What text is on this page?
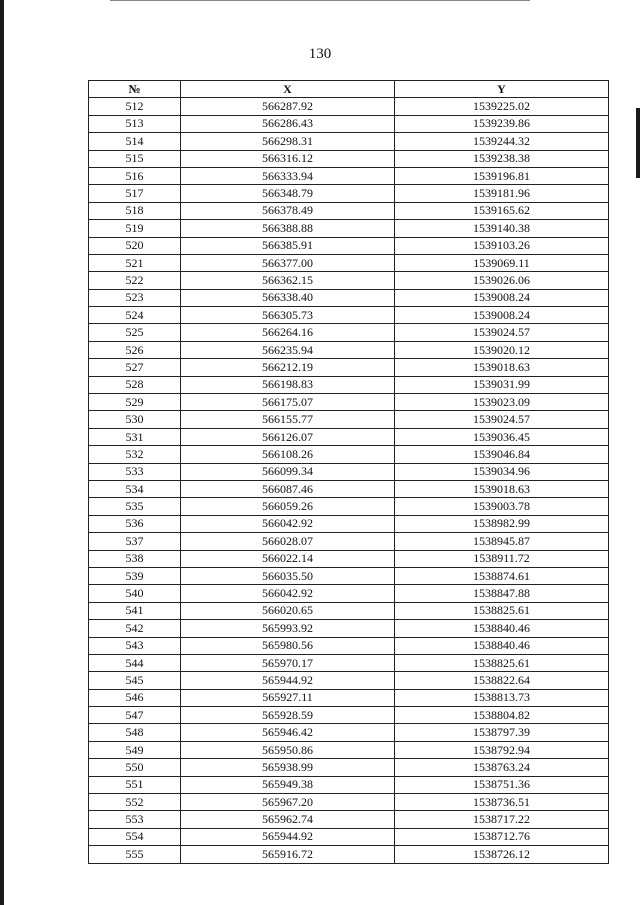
130
№	X	Y
512	566287.92	1539225.02
513	566286.43	1539239.86
514	566298.31	1539244.32
515	566316.12	1539238.38
516	566333.94	1539196.81
517	566348.79	1539181.96
518	566378.49	1539165.62
519	566388.88	1539140.38
520	566385.91	1539103.26
521	566377.00	1539069.11
522	566362.15	1539026.06
523	566338.40	1539008.24
524	566305.73	1539008.24
525	566264.16	1539024.57
526	566235.94	1539020.12
527	566212.19	1539018.63
528	566198.83	1539031.99
529	566175.07	1539023.09
530	566155.77	1539024.57
531	566126.07	1539036.45
532	566108.26	1539046.84
533	566099.34	1539034.96
534	566087.46	1539018.63
535	566059.26	1539003.78
536	566042.92	1538982.99
537	566028.07	1538945.87
538	566022.14	1538911.72
539	566035.50	1538874.61
540	566042.92	1538847.88
541	566020.65	1538825.61
542	565993.92	1538840.46
543	565980.56	1538840.46
544	565970.17	1538825.61
545	565944.92	1538822.64
546	565927.11	1538813.73
547	565928.59	1538804.82
548	565946.42	1538797.39
549	565950.86	1538792.94
550	565938.99	1538763.24
551	565949.38	1538751.36
552	565967.20	1538736.51
553	565962.74	1538717.22
554	565944.92	1538712.76
555	565916.72	1538726.12
